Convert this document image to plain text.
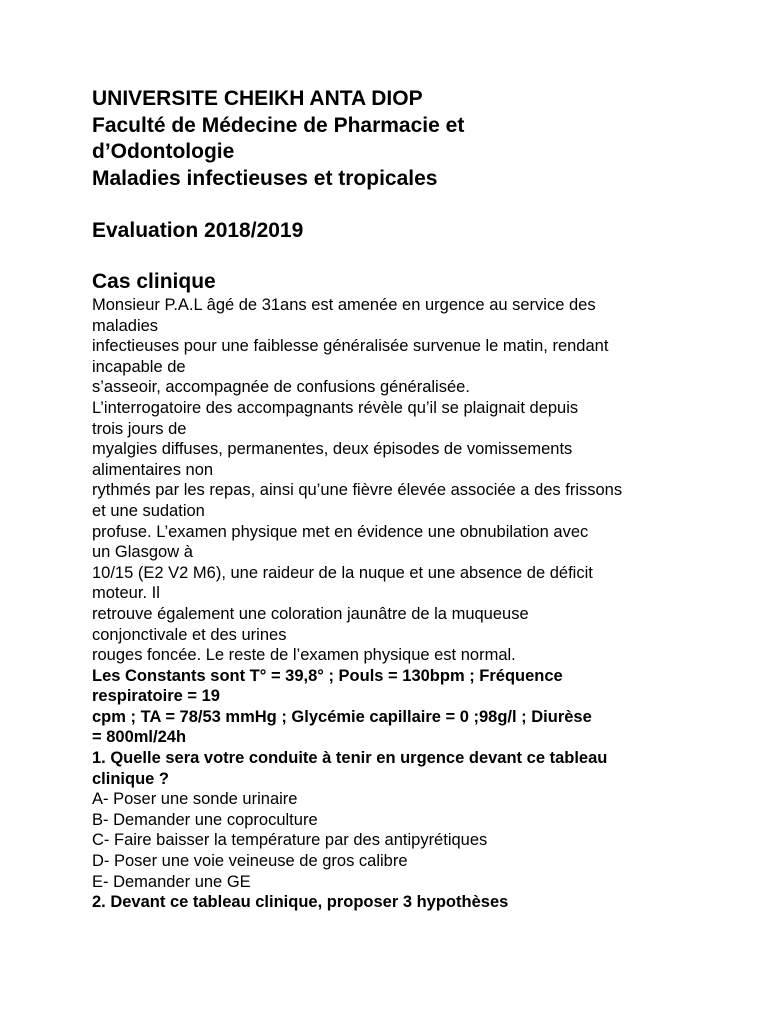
UNIVERSITE CHEIKH ANTA DIOP

Faculté de Médecine de Pharmacie et

d’Odontologie

Maladies infectieuses et tropicales

Evaluation 2018/2019

Cas clinique

Monsieur P.A.L âgé de 31ans est amenée en urgence au service des

maladies

infectieuses pour une faiblesse généralisée survenue le matin, rendant

incapable de

s’asseoir, accompagnée de confusions généralisée.

L’interrogatoire des accompagnants révèle qu’il se plaignait depuis

trois jours de

myalgies diffuses, permanentes, deux épisodes de vomissements

alimentaires non

rythmés par les repas, ainsi qu’une fièvre élevée associée a des frissons

et une sudation

profuse. L’examen physique met en évidence une obnubilation avec

un Glasgow à

10/15 (E2 V2 M6), une raideur de la nuque et une absence de déficit

moteur. Il

retrouve également une coloration jaunâtre de la muqueuse

conjonctivale et des urines

rouges foncée. Le reste de l’examen physique est normal.

Les Constants sont T° = 39,8° ; Pouls = 130bpm ; Fréquence

respiratoire = 19

cpm ; TA = 78/53 mmHg ; Glycémie capillaire = 0 ;98g/l ; Diurèse

= 800ml/24h

1. Quelle sera votre conduite à tenir en urgence devant ce tableau

clinique ?

A- Poser une sonde urinaire

B- Demander une coproculture

C- Faire baisser la température par des antipyrétiques

D- Poser une voie veineuse de gros calibre

E- Demander une GE

2. Devant ce tableau clinique, proposer 3 hypothèses
